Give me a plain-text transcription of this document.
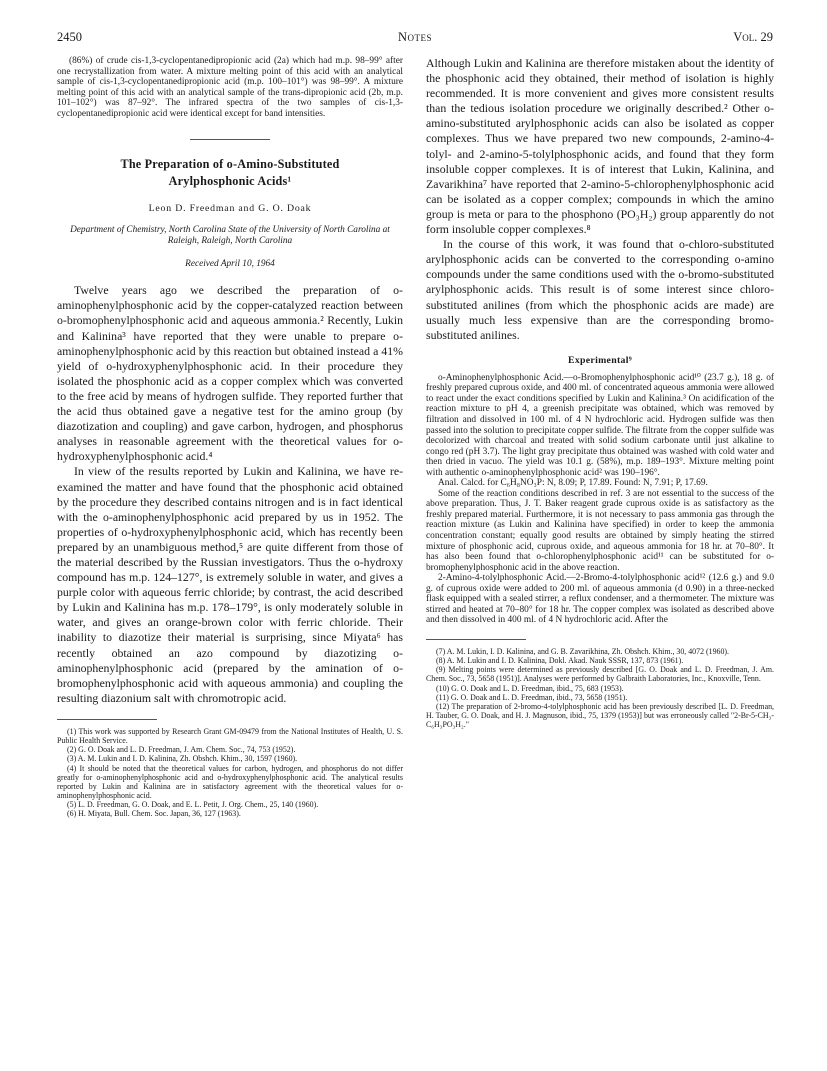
2450	Notes	Vol. 29

(86%) of crude cis-1,3-cyclopentanedipropionic acid (2a) which had m.p. 98–99° after one recrystallization from water. A mixture melting point of this acid with an analytical sample of cis-1,3-cyclopentanedipropionic acid (m.p. 100–101°) was 98–99°. A mixture melting point of this acid with an analytical sample of the trans-dipropionic acid (2b, m.p. 101–102°) was 87–92°. The infrared spectra of the two samples of cis-1,3-cyclopentanedipropionic acid were identical except for band intensities.

The Preparation of o-Amino-Substituted

Arylphosphonic Acids¹

Leon D. Freedman and G. O. Doak

Department of Chemistry, North Carolina State of the University of North Carolina at Raleigh, Raleigh, North Carolina

Received April 10, 1964

Twelve years ago we described the preparation of o-aminophenylphosphonic acid by the copper-catalyzed reaction between o-bromophenylphosphonic acid and aqueous ammonia.² Recently, Lukin and Kalinina³ have reported that they were unable to prepare o-aminophenylphosphonic acid by this reaction but obtained instead a 41% yield of o-hydroxyphenylphosphonic acid. In their procedure they isolated the phosphonic acid as a copper complex which was converted to the free acid by means of hydrogen sulfide. They reported further that the acid thus obtained gave a negative test for the amino group (by diazotization and coupling) and gave carbon, hydrogen, and phosphorus analyses in reasonable agreement with the theoretical values for o-hydroxyphenylphosphonic acid.⁴

In view of the results reported by Lukin and Kalinina, we have re-examined the matter and have found that the phosphonic acid obtained by the procedure they described contains nitrogen and is in fact identical with the o-aminophenylphosphonic acid prepared by us in 1952. The properties of o-hydroxyphenylphosphonic acid, which has recently been prepared by an unambiguous method,⁵ are quite different from those of the material described by the Russian investigators. Thus the o-hydroxy compound has m.p. 124–127°, is extremely soluble in water, and gives a purple color with aqueous ferric chloride; by contrast, the acid described by Lukin and Kalinina has m.p. 178–179°, is only moderately soluble in water, and gives an orange-brown color with ferric chloride. Their inability to diazotize their material is surprising, since Miyata⁶ has recently obtained an azo compound by diazotizing o-aminophenylphosphonic acid (prepared by the amination of o-bromophenylphosphonic acid with aqueous ammonia) and coupling the resulting diazonium salt with chromotropic acid.

(1) This work was supported by Research Grant GM-09479 from the National Institutes of Health, U. S. Public Health Service.

(2) G. O. Doak and L. D. Freedman, J. Am. Chem. Soc., 74, 753 (1952).

(3) A. M. Lukin and I. D. Kalinina, Zh. Obshch. Khim., 30, 1597 (1960).

(4) It should be noted that the theoretical values for carbon, hydrogen, and phosphorus do not differ greatly for o-aminophenylphosphonic acid and o-hydroxyphenylphosphonic acid. The analytical results reported by Lukin and Kalinina are in satisfactory agreement with the theoretical values for o-aminophenylphosphonic acid.

(5) L. D. Freedman, G. O. Doak, and E. L. Petit, J. Org. Chem., 25, 140 (1960).

(6) H. Miyata, Bull. Chem. Soc. Japan, 36, 127 (1963).

Although Lukin and Kalinina are therefore mistaken about the identity of the phosphonic acid they obtained, their method of isolation is highly recommended. It is more convenient and gives more consistent results than the tedious isolation procedure we originally described.² Other o-amino-substituted arylphosphonic acids can also be isolated as copper complexes. Thus we have prepared two new compounds, 2-amino-4-tolyl- and 2-amino-5-tolylphosphonic acids, and found that they form insoluble copper complexes. It is of interest that Lukin, Kalinina, and Zavarikhina⁷ have reported that 2-amino-5-chlorophenylphosphonic acid can be isolated as a copper complex; compounds in which the amino group is meta or para to the phosphono (PO₃H₂) group apparently do not form insoluble copper complexes.⁸

In the course of this work, it was found that o-chloro-substituted arylphosphonic acids can be converted to the corresponding o-amino compounds under the same conditions used with the o-bromo-substituted arylphosphonic acids. This result is of some interest since chloro-substituted anilines (from which the phosphonic acids are made) are usually much less expensive than are the corresponding bromo-substituted anilines.

Experimental⁹

o-Aminophenylphosphonic Acid.—o-Bromophenylphosphonic acid¹⁰ (23.7 g.), 18 g. of freshly prepared cuprous oxide, and 400 ml. of concentrated aqueous ammonia were allowed to react under the exact conditions specified by Lukin and Kalinina.³ On acidification of the reaction mixture to pH 4, a greenish precipitate was obtained, which was removed by filtration and dissolved in 100 ml. of 4 N hydrochloric acid. Hydrogen sulfide was then passed into the solution to precipitate copper sulfide. The filtrate from the copper sulfide was decolorized with charcoal and treated with solid sodium carbonate until just alkaline to congo red (pH 3.7). The light gray precipitate thus obtained was washed with cold water and then dried in vacuo. The yield was 10.1 g. (58%), m.p. 189–193°. Mixture melting point with authentic o-aminophenylphosphonic acid² was 190–196°.

Anal. Calcd. for C₆H₈NO₃P: N, 8.09; P, 17.89. Found: N, 7.91; P, 17.69.

Some of the reaction conditions described in ref. 3 are not essential to the success of the above preparation. Thus, J. T. Baker reagent grade cuprous oxide is as satisfactory as the freshly prepared material. Furthermore, it is not necessary to pass ammonia gas through the reaction mixture (as Lukin and Kalinina have specified) in order to keep the ammonia concentration constant; equally good results are obtained by simply heating the stirred mixture of phosphonic acid, cuprous oxide, and aqueous ammonia for 18 hr. at 70–80°. It has also been found that o-chlorophenylphosphonic acid¹¹ can be substituted for o-bromophenylphosphonic acid in the above reaction.

2-Amino-4-tolylphosphonic Acid.—2-Bromo-4-tolylphosphonic acid¹² (12.6 g.) and 9.0 g. of cuprous oxide were added to 200 ml. of aqueous ammonia (d 0.90) in a three-necked flask equipped with a sealed stirrer, a reflux condenser, and a thermometer. The mixture was stirred and heated at 70–80° for 18 hr. The copper complex was isolated as described above and then dissolved in 400 ml. of 4 N hydrochloric acid. After the

(7) A. M. Lukin, I. D. Kalinina, and G. B. Zavarikhina, Zh. Obshch. Khim., 30, 4072 (1960).

(8) A. M. Lukin and I. D. Kalinina, Dokl. Akad. Nauk SSSR, 137, 873 (1961).

(9) Melting points were determined as previously described [G. O. Doak and L. D. Freedman, J. Am. Chem. Soc., 73, 5658 (1951)]. Analyses were performed by Galbraith Laboratories, Inc., Knoxville, Tenn.

(10) G. O. Doak and L. D. Freedman, ibid., 75, 683 (1953).

(11) G. O. Doak and L. D. Freedman, ibid., 73, 5658 (1951).

(12) The preparation of 2-bromo-4-tolylphosphonic acid has been previously described [L. D. Freedman, H. Tauber, G. O. Doak, and H. J. Magnuson, ibid., 75, 1379 (1953)] but was erroneously called "2-Br-5-CH₃-C₆H₃PO₃H₂."
